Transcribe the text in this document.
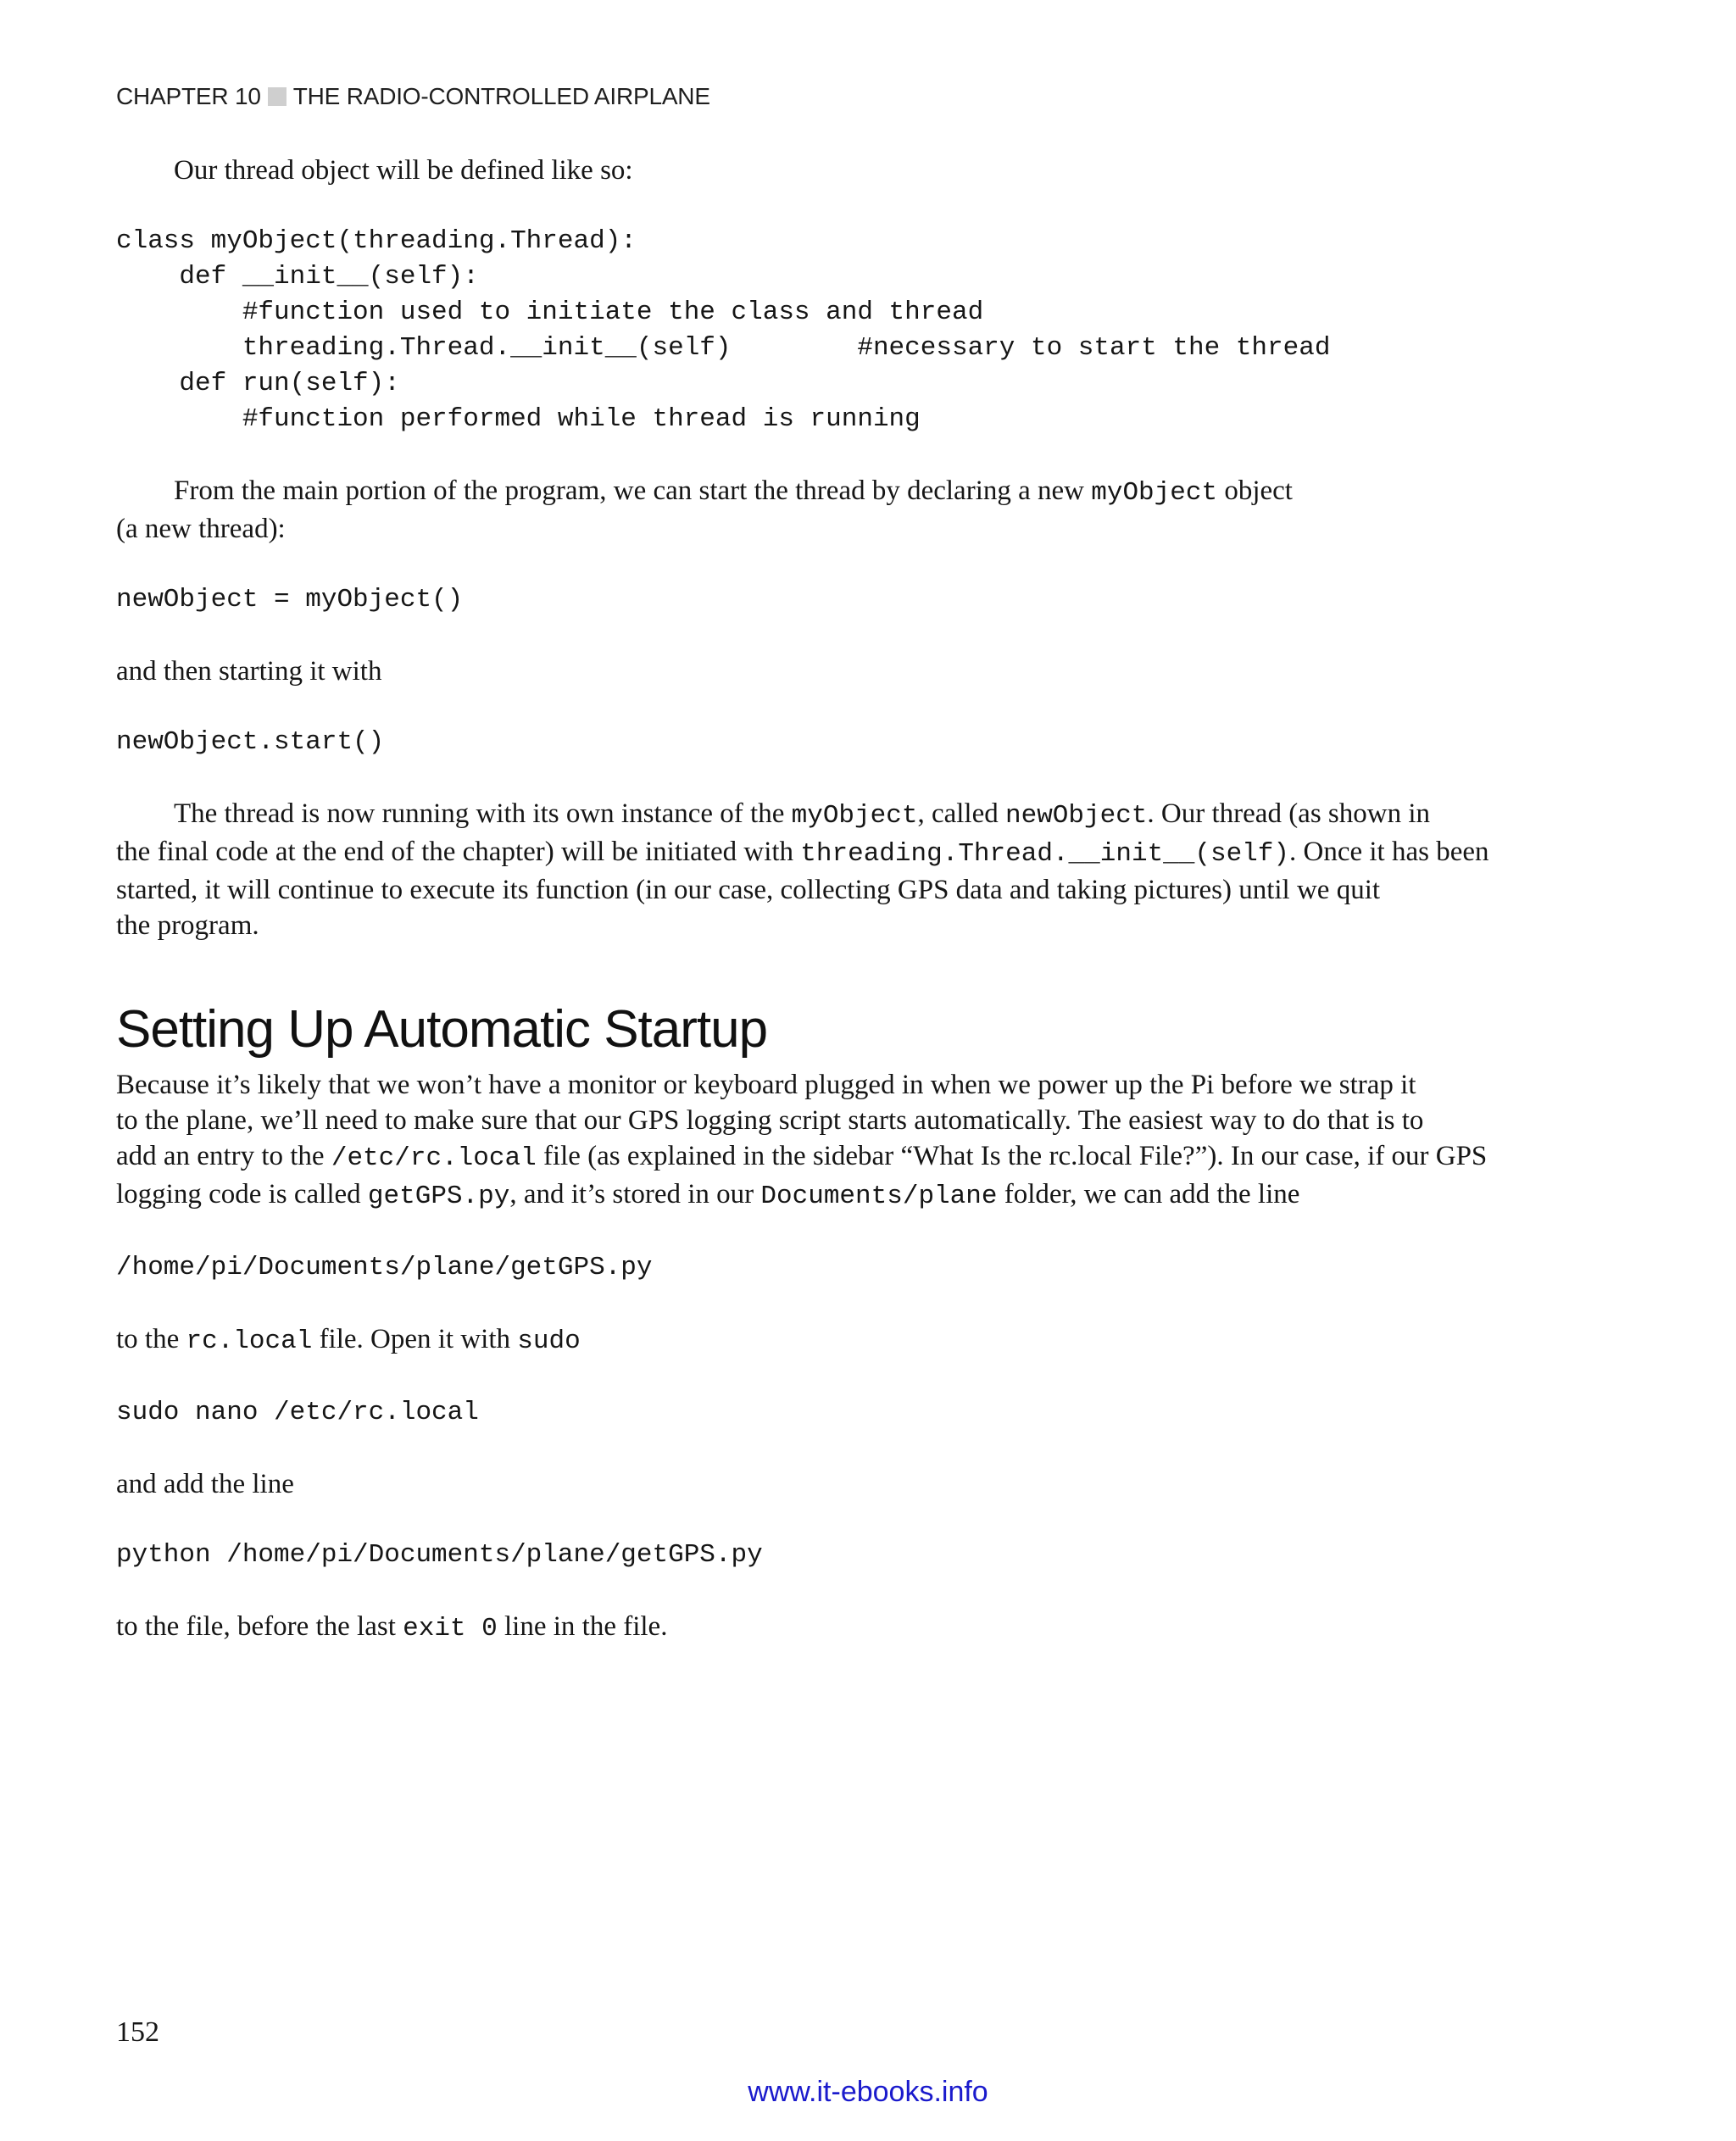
CHAPTER 10 THE RADIO-CONTROLLED AIRPLANE

Our thread object will be defined like so:

class myObject(threading.Thread):
def __init__(self):
#function used to initiate the class and thread
threading.Thread.__init__(self)        #necessary to start the thread
def run(self):
#function performed while thread is running

From the main portion of the program, we can start the thread by declaring a new myObject object

(a new thread):

newObject = myObject()

and then starting it with

newObject.start()

The thread is now running with its own instance of the myObject, called newObject. Our thread (as shown in

the final code at the end of the chapter) will be initiated with threading.Thread.__init__(self). Once it has been

started, it will continue to execute its function (in our case, collecting GPS data and taking pictures) until we quit

the program.

Setting Up Automatic Startup

Because it’s likely that we won’t have a monitor or keyboard plugged in when we power up the Pi before we strap it

to the plane, we’ll need to make sure that our GPS logging script starts automatically. The easiest way to do that is to

add an entry to the /etc/rc.local file (as explained in the sidebar “What Is the rc.local File?”). In our case, if our GPS

logging code is called getGPS.py, and it’s stored in our Documents/plane folder, we can add the line

/home/pi/Documents/plane/getGPS.py

to the rc.local file. Open it with sudo

sudo nano /etc/rc.local

and add the line

python /home/pi/Documents/plane/getGPS.py

to the file, before the last exit 0 line in the file.

152
www.it-ebooks.info
